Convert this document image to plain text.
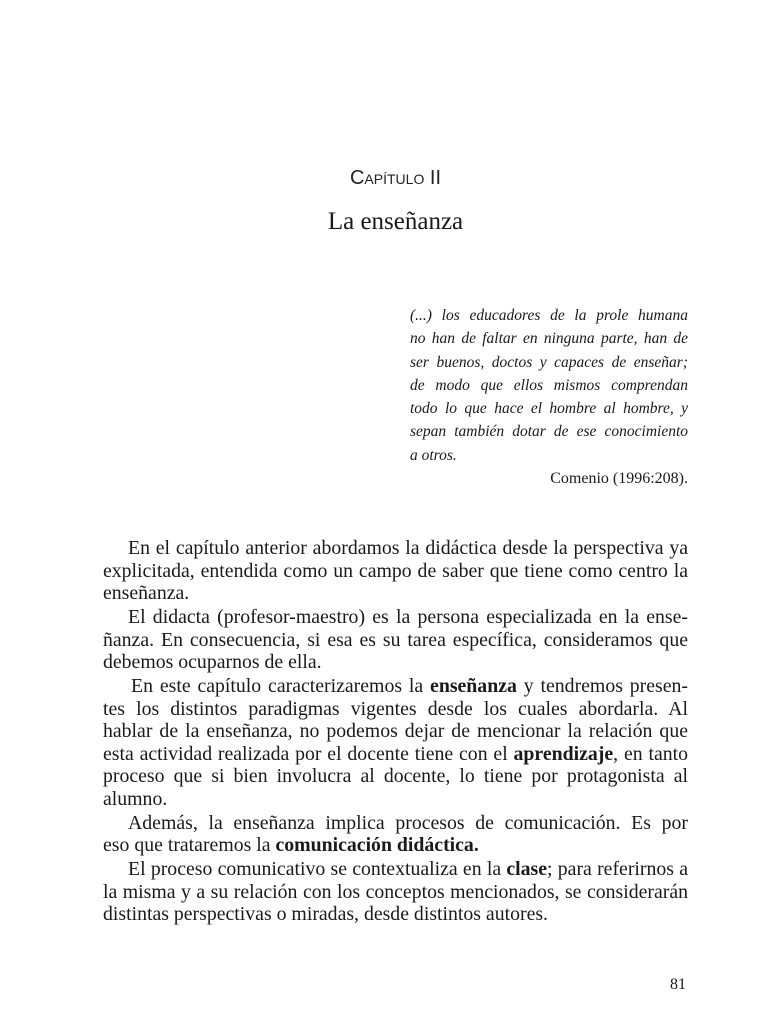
Capítulo II
La enseñanza
(...) los educadores de la prole humana
no han de faltar en ninguna parte, han de
ser buenos, doctos y capaces de enseñar;
de modo que ellos mismos comprendan
todo lo que hace el hombre al hombre, y
sepan también dotar de ese conocimiento
a otros.
Comenio (1996:208).
En el capítulo anterior abordamos la didáctica desde la perspectiva ya
explicitada, entendida como un campo de saber que tiene como centro la
enseñanza.
El didacta (profesor-maestro) es la persona especializada en la ense-
ñanza. En consecuencia, si esa es su tarea específica, consideramos que
debemos ocuparnos de ella.
En este capítulo caracterizaremos la enseñanza y tendremos presen-
tes los distintos paradigmas vigentes desde los cuales abordarla. Al
hablar de la enseñanza, no podemos dejar de mencionar la relación que
esta actividad realizada por el docente tiene con el aprendizaje, en tanto
proceso que si bien involucra al docente, lo tiene por protagonista al
alumno.
Además, la enseñanza implica procesos de comunicación. Es por
eso que trataremos la comunicación didáctica.
El proceso comunicativo se contextualiza en la clase; para referirnos a
la misma y a su relación con los conceptos mencionados, se considerarán
distintas perspectivas o miradas, desde distintos autores.
81
